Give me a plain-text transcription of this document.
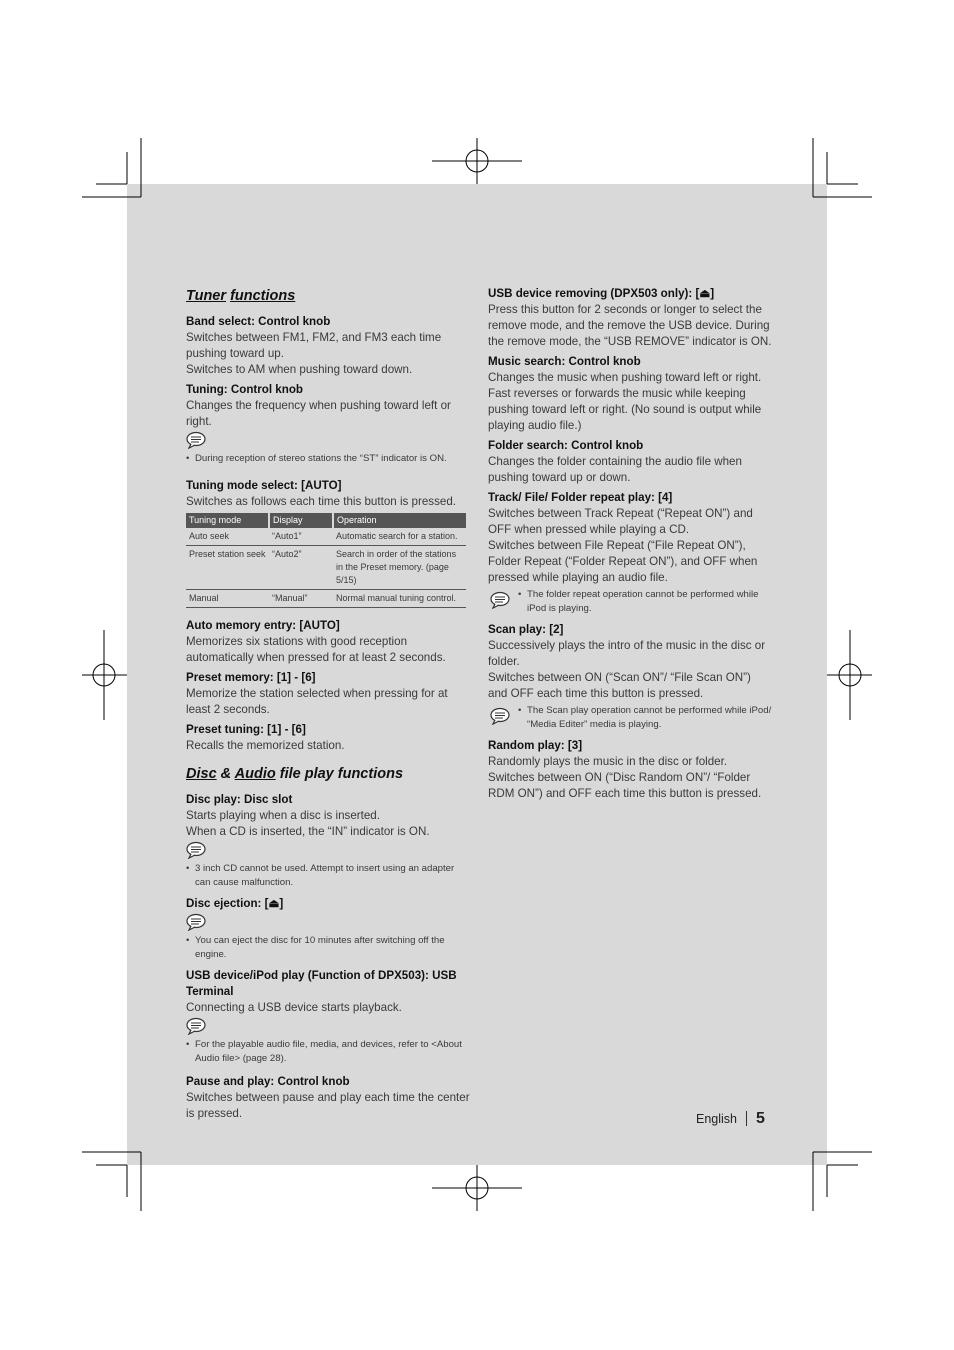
Tuner functions

Band select: Control knob

Switches between FM1, FM2, and FM3 each time pushing toward up.

Switches to AM when pushing toward down.

Tuning: Control knob

Changes the frequency when pushing toward left or right.

• During reception of stereo stations the “ST” indicator is ON.

Tuning mode select: [AUTO]

Switches as follows each time this button is pressed.

Tuning mode	Display	Operation
Auto seek	“Auto1”	Automatic search for a station.
Preset station seek	“Auto2”	Search in order of the stations in the Preset memory. (page 5/15)
Manual	“Manual”	Normal manual tuning control.

Auto memory entry: [AUTO]

Memorizes six stations with good reception automatically when pressed for at least 2 seconds.

Preset memory: [1] - [6]

Memorize the station selected when pressing for at least 2 seconds.

Preset tuning: [1] - [6]

Recalls the memorized station.

Disc & Audio file play functions

Disc play: Disc slot

Starts playing when a disc is inserted.

When a CD is inserted, the “IN” indicator is ON.

• 3 inch CD cannot be used. Attempt to insert using an adapter can cause malfunction.

Disc ejection: [⏏]

• You can eject the disc for 10 minutes after switching off the engine.

USB device/iPod play (Function of DPX503): USB Terminal

Connecting a USB device starts playback.

• For the playable audio file, media, and devices, refer to <About Audio file> (page 28).

Pause and play: Control knob

Switches between pause and play each time the center is pressed.

USB device removing (DPX503 only): [⏏]

Press this button for 2 seconds or longer to select the remove mode, and the remove the USB device. During the remove mode, the “USB REMOVE” indicator is ON.

Music search: Control knob

Changes the music when pushing toward left or right. Fast reverses or forwards the music while keeping pushing toward left or right. (No sound is output while playing audio file.)

Folder search: Control knob

Changes the folder containing the audio file when pushing toward up or down.

Track/ File/ Folder repeat play: [4]

Switches between Track Repeat (“Repeat ON”) and OFF when pressed while playing a CD.

Switches between File Repeat (“File Repeat ON”), Folder Repeat (“Folder Repeat ON”), and OFF when pressed while playing an audio file.

• The folder repeat operation cannot be performed while iPod is playing.

Scan play: [2]

Successively plays the intro of the music in the disc or folder.

Switches between ON (“Scan ON”/ “File Scan ON”) and OFF each time this button is pressed.

• The Scan play operation cannot be performed while iPod/ “Media Editer” media is playing.

Random play: [3]

Randomly plays the music in the disc or folder.

Switches between ON (“Disc Random ON”/ “Folder RDM ON”) and OFF each time this button is pressed.

English 5
